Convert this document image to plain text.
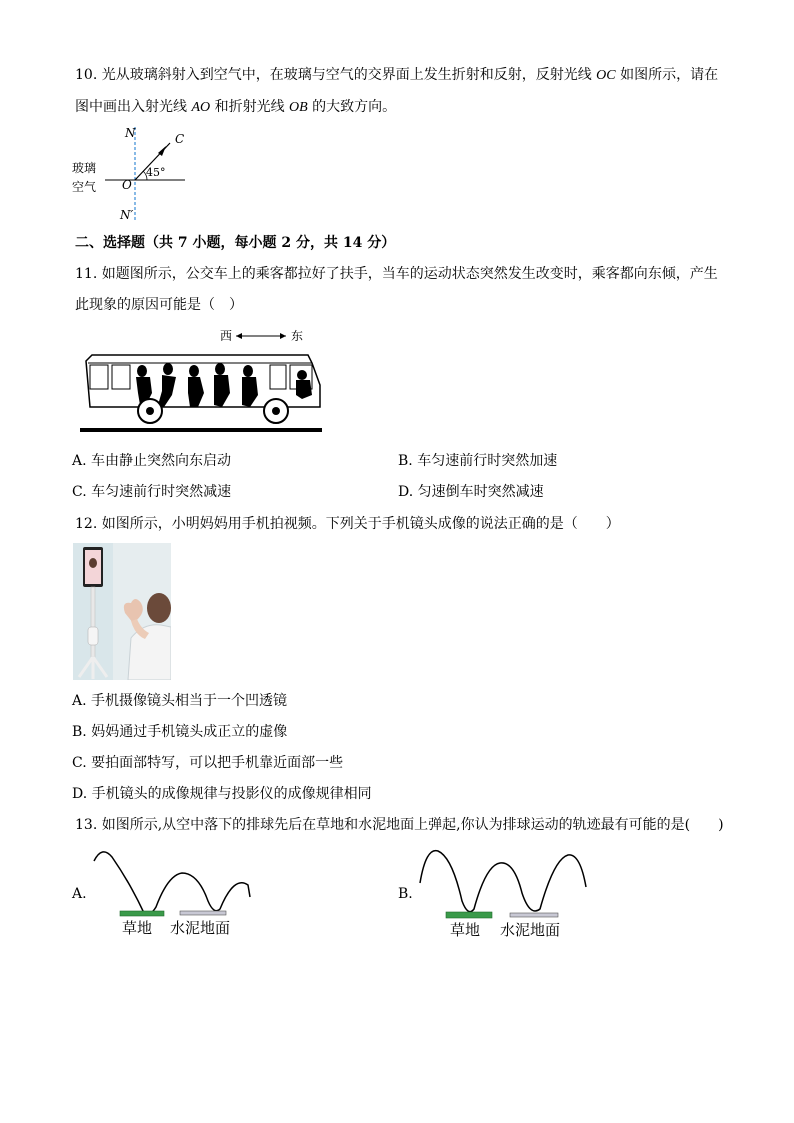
10. 光从玻璃斜射入到空气中，在玻璃与空气的交界面上发生折射和反射，反射光线 OC 如图所示，请在
图中画出入射光线 AO 和折射光线 OB 的大致方向。
N	C
O
45°
N′
玻璃
空气
二、选择题（共 7 小题，每小题 2 分，共 14 分）
11. 如题图所示，公交车上的乘客都拉好了扶手，当车的运动状态突然发生改变时，乘客都向东倾，产生
此现象的原因可能是（　）
西	东
A. 车由静止突然向东启动	B. 车匀速前行时突然加速
C. 车匀速前行时突然减速	D. 匀速倒车时突然减速
12. 如图所示，小明妈妈用手机拍视频。下列关于手机镜头成像的说法正确的是（　　）
A. 手机摄像镜头相当于一个凹透镜
B. 妈妈通过手机镜头成正立的虚像
C. 要拍面部特写，可以把手机靠近面部一些
D. 手机镜头的成像规律与投影仪的成像规律相同
13. 如图所示,从空中落下的排球先后在草地和水泥地面上弹起,你认为排球运动的轨迹最有可能的是(　　)
A.
草地 水泥地面
B.
草地 水泥地面
